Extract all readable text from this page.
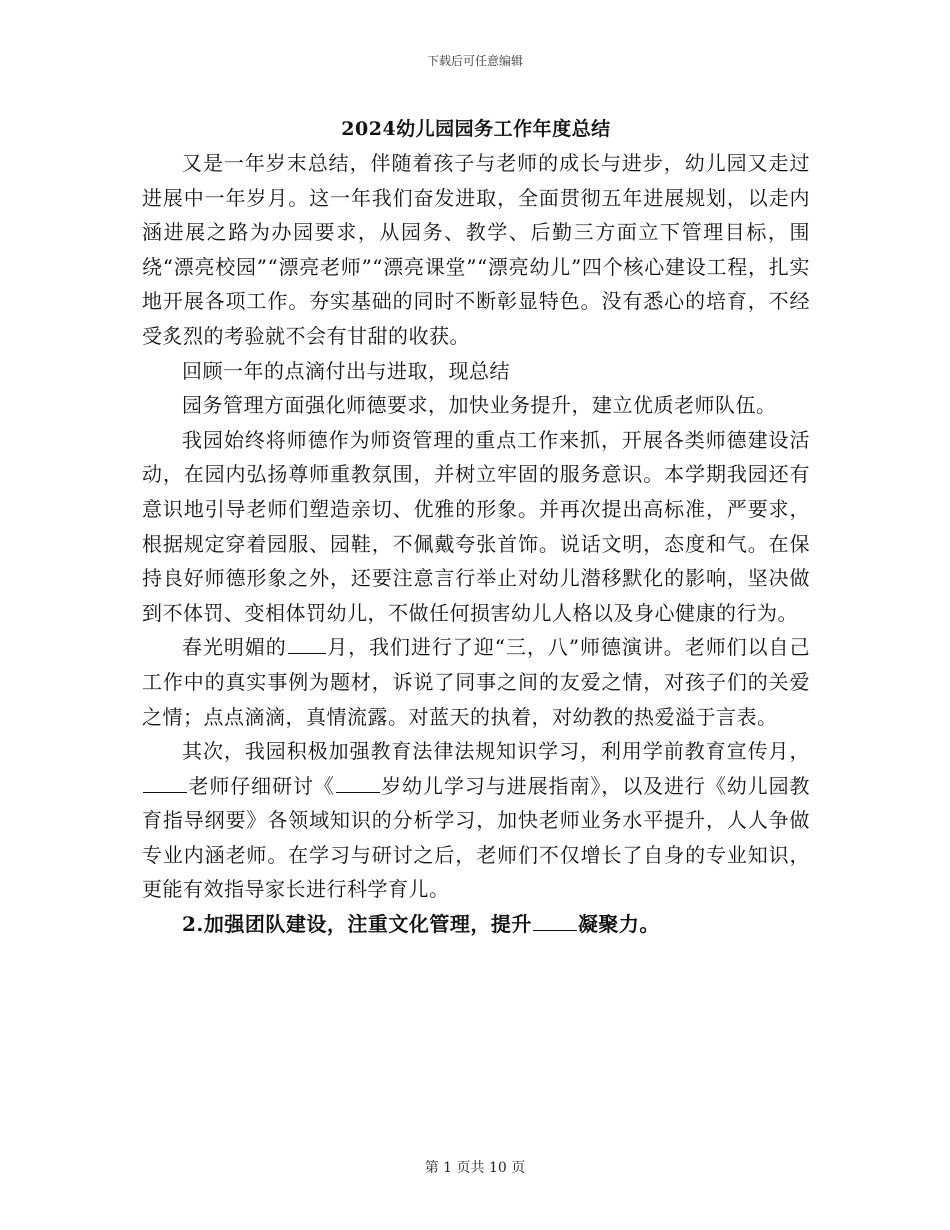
下载后可任意编辑
2024幼儿园园务工作年度总结

又是一年岁末总结，伴随着孩子与老师的成长与进步，幼儿园又走过进展中一年岁月。这一年我们奋发进取，全面贯彻五年进展规划，以走内涵进展之路为办园要求，从园务、教学、后勤三方面立下管理目标，围绕“漂亮校园”“漂亮老师”“漂亮课堂”“漂亮幼儿”四个核心建设工程，扎实地开展各项工作。夯实基础的同时不断彰显特色。没有悉心的培育，不经受炙烈的考验就不会有甘甜的收获。

回顾一年的点滴付出与进取，现总结

园务管理方面强化师德要求，加快业务提升，建立优质老师队伍。

我园始终将师德作为师资管理的重点工作来抓，开展各类师德建设活动，在园内弘扬尊师重教氛围，并树立牢固的服务意识。本学期我园还有意识地引导老师们塑造亲切、优雅的形象。并再次提出高标准，严要求，根据规定穿着园服、园鞋，不佩戴夸张首饰。说话文明，态度和气。在保持良好师德形象之外，还要注意言行举止对幼儿潜移默化的影响，坚决做到不体罚、变相体罚幼儿，不做任何损害幼儿人格以及身心健康的行为。

春光明媚的 月，我们进行了迎“三，八”师德演讲。老师们以自己工作中的真实事例为题材，诉说了同事之间的友爱之情，对孩子们的关爱之情；点点滴滴，真情流露。对蓝天的执着，对幼教的热爱溢于言表。

其次，我园积极加强教育法律法规知识学习，利用学前教育宣传月，老师仔细研讨《 岁幼儿学习与进展指南》，以及进行《幼儿园教育指导纲要》各领域知识的分析学习，加快老师业务水平提升，人人争做专业内涵老师。在学习与研讨之后，老师们不仅增长了自身的专业知识，更能有效指导家长进行科学育儿。

2.加强团队建设，注重文化管理，提升 凝聚力。

第 1 页共 10 页
